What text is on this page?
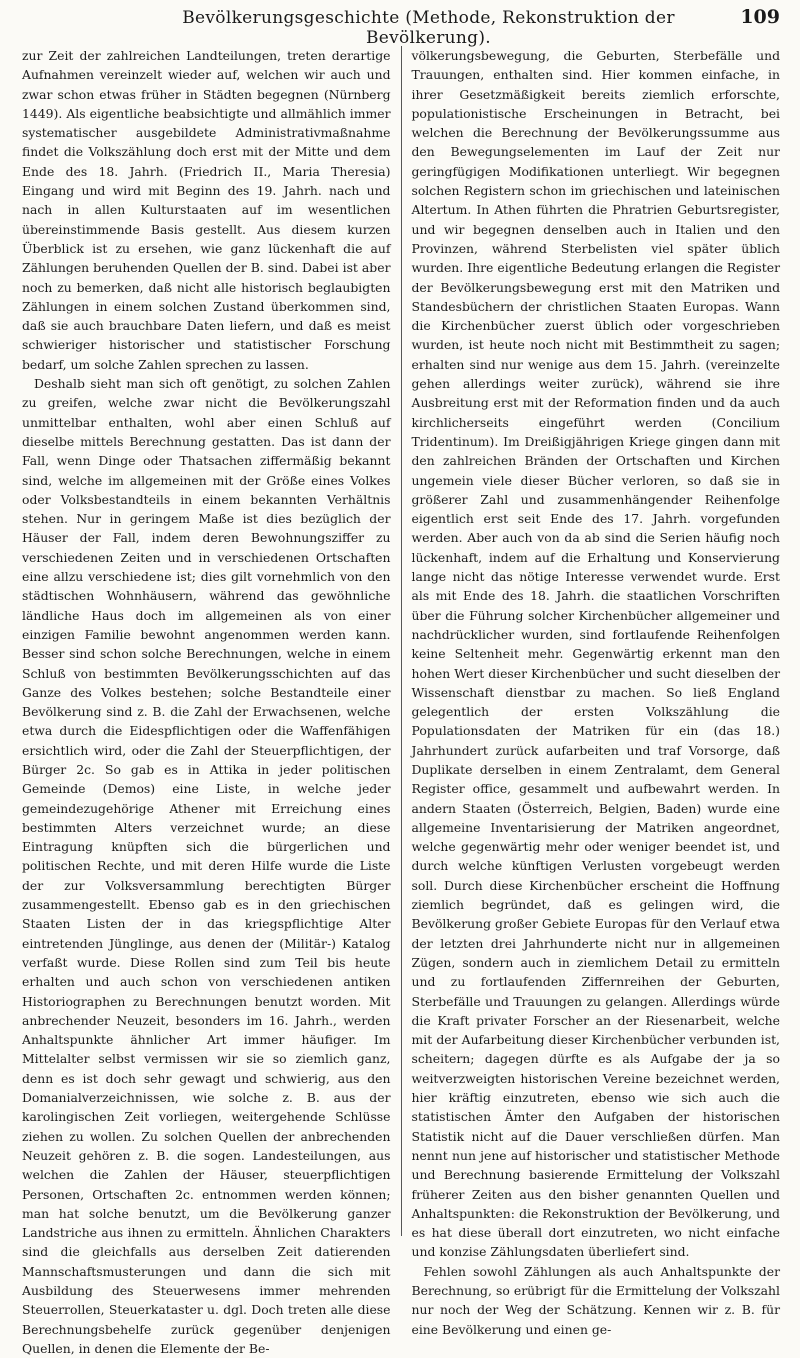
Bevölkerungsgeschichte (Methode, Rekonstruktion der Bevölkerung).
109

zur Zeit der zahlreichen Landteilungen, treten derartige Aufnahmen vereinzelt wieder auf, welchen wir auch und zwar schon etwas früher in Städten begegnen (Nürnberg 1449). Als eigentliche beabsichtigte und allmählich immer systematischer ausgebildete Administrativmaßnahme findet die Volkszählung doch erst mit der Mitte und dem Ende des 18. Jahrh. (Friedrich II., Maria Theresia) Eingang und wird mit Beginn des 19. Jahrh. nach und nach in allen Kulturstaaten auf im wesentlichen übereinstimmende Basis gestellt. Aus diesem kurzen Überblick ist zu ersehen, wie ganz lückenhaft die auf Zählungen beruhenden Quellen der B. sind. Dabei ist aber noch zu bemerken, daß nicht alle historisch beglaubigten Zählungen in einem solchen Zustand überkommen sind, daß sie auch brauchbare Daten liefern, und daß es meist schwieriger historischer und statistischer Forschung bedarf, um solche Zahlen sprechen zu lassen.

Deshalb sieht man sich oft genötigt, zu solchen Zahlen zu greifen, welche zwar nicht die Bevölkerungszahl unmittelbar enthalten, wohl aber einen Schluß auf dieselbe mittels Berechnung gestatten. Das ist dann der Fall, wenn Dinge oder Thatsachen ziffermäßig bekannt sind, welche im allgemeinen mit der Größe eines Volkes oder Volksbestandteils in einem bekannten Verhältnis stehen. Nur in geringem Maße ist dies bezüglich der Häuser der Fall, indem deren Bewohnungsziffer zu verschiedenen Zeiten und in verschiedenen Ortschaften eine allzu verschiedene ist; dies gilt vornehmlich von den städtischen Wohnhäusern, während das gewöhnliche ländliche Haus doch im allgemeinen als von einer einzigen Familie bewohnt angenommen werden kann. Besser sind schon solche Berechnungen, welche in einem Schluß von bestimmten Bevölkerungsschichten auf das Ganze des Volkes bestehen; solche Bestandteile einer Bevölkerung sind z. B. die Zahl der Erwachsenen, welche etwa durch die Eidespflichtigen oder die Waffenfähigen ersichtlich wird, oder die Zahl der Steuerpflichtigen, der Bürger 2c. So gab es in Attika in jeder politischen Gemeinde (Demos) eine Liste, in welche jeder gemeindezugehörige Athener mit Erreichung eines bestimmten Alters verzeichnet wurde; an diese Eintragung knüpften sich die bürgerlichen und politischen Rechte, und mit deren Hilfe wurde die Liste der zur Volksversammlung berechtigten Bürger zusammengestellt. Ebenso gab es in den griechischen Staaten Listen der in das kriegspflichtige Alter eintretenden Jünglinge, aus denen der (Militär-) Katalog verfaßt wurde. Diese Rollen sind zum Teil bis heute erhalten und auch schon von verschiedenen antiken Historiographen zu Berechnungen benutzt worden. Mit anbrechender Neuzeit, besonders im 16. Jahrh., werden Anhaltspunkte ähnlicher Art immer häufiger. Im Mittelalter selbst vermissen wir sie so ziemlich ganz, denn es ist doch sehr gewagt und schwierig, aus den Domanialverzeichnissen, wie solche z. B. aus der karolingischen Zeit vorliegen, weitergehende Schlüsse ziehen zu wollen. Zu solchen Quellen der anbrechenden Neuzeit gehören z. B. die sogen. Landesteilungen, aus welchen die Zahlen der Häuser, steuerpflichtigen Personen, Ortschaften 2c. entnommen werden können; man hat solche benutzt, um die Bevölkerung ganzer Landstriche aus ihnen zu ermitteln. Ähnlichen Charakters sind die gleichfalls aus derselben Zeit datierenden Mannschaftsmusterungen und dann die sich mit Ausbildung des Steuerwesens immer mehrenden Steuerrollen, Steuerkataster u. dgl. Doch treten alle diese Berechnungsbehelfe zurück gegenüber denjenigen Quellen, in denen die Elemente der Be-

völkerungsbewegung, die Geburten, Sterbefälle und Trauungen, enthalten sind. Hier kommen einfache, in ihrer Gesetzmäßigkeit bereits ziemlich erforschte, populationistische Erscheinungen in Betracht, bei welchen die Berechnung der Bevölkerungssumme aus den Bewegungselementen im Lauf der Zeit nur geringfügigen Modifikationen unterliegt. Wir begegnen solchen Registern schon im griechischen und lateinischen Altertum. In Athen führten die Phratrien Geburtsregister, und wir begegnen denselben auch in Italien und den Provinzen, während Sterbelisten viel später üblich wurden. Ihre eigentliche Bedeutung erlangen die Register der Bevölkerungsbewegung erst mit den Matriken und Standesbüchern der christlichen Staaten Europas. Wann die Kirchenbücher zuerst üblich oder vorgeschrieben wurden, ist heute noch nicht mit Bestimmtheit zu sagen; erhalten sind nur wenige aus dem 15. Jahrh. (vereinzelte gehen allerdings weiter zurück), während sie ihre Ausbreitung erst mit der Reformation finden und da auch kirchlicherseits eingeführt werden (Concilium Tridentinum). Im Dreißigjährigen Kriege gingen dann mit den zahlreichen Bränden der Ortschaften und Kirchen ungemein viele dieser Bücher verloren, so daß sie in größerer Zahl und zusammenhängender Reihenfolge eigentlich erst seit Ende des 17. Jahrh. vorgefunden werden. Aber auch von da ab sind die Serien häufig noch lückenhaft, indem auf die Erhaltung und Konservierung lange nicht das nötige Interesse verwendet wurde. Erst als mit Ende des 18. Jahrh. die staatlichen Vorschriften über die Führung solcher Kirchenbücher allgemeiner und nachdrücklicher wurden, sind fortlaufende Reihenfolgen keine Seltenheit mehr. Gegenwärtig erkennt man den hohen Wert dieser Kirchenbücher und sucht dieselben der Wissenschaft dienstbar zu machen. So ließ England gelegentlich der ersten Volkszählung die Populationsdaten der Matriken für ein (das 18.) Jahrhundert zurück aufarbeiten und traf Vorsorge, daß Duplikate derselben in einem Zentralamt, dem General Register office, gesammelt und aufbewahrt werden. In andern Staaten (Österreich, Belgien, Baden) wurde eine allgemeine Inventarisierung der Matriken angeordnet, welche gegenwärtig mehr oder weniger beendet ist, und durch welche künftigen Verlusten vorgebeugt werden soll. Durch diese Kirchenbücher erscheint die Hoffnung ziemlich begründet, daß es gelingen wird, die Bevölkerung großer Gebiete Europas für den Verlauf etwa der letzten drei Jahrhunderte nicht nur in allgemeinen Zügen, sondern auch in ziemlichem Detail zu ermitteln und zu fortlaufenden Ziffernreihen der Geburten, Sterbefälle und Trauungen zu gelangen. Allerdings würde die Kraft privater Forscher an der Riesenarbeit, welche mit der Aufarbeitung dieser Kirchenbücher verbunden ist, scheitern; dagegen dürfte es als Aufgabe der ja so weitverzweigten historischen Vereine bezeichnet werden, hier kräftig einzutreten, ebenso wie sich auch die statistischen Ämter den Aufgaben der historischen Statistik nicht auf die Dauer verschließen dürfen. Man nennt nun jene auf historischer und statistischer Methode und Berechnung basierende Ermittelung der Volkszahl früherer Zeiten aus den bisher genannten Quellen und Anhaltspunkten: die Rekonstruktion der Bevölkerung, und es hat diese überall dort einzutreten, wo nicht einfache und konzise Zählungsdaten überliefert sind.

Fehlen sowohl Zählungen als auch Anhaltspunkte der Berechnung, so erübrigt für die Ermittelung der Volkszahl nur noch der Weg der Schätzung. Kennen wir z. B. für eine Bevölkerung und einen ge-
